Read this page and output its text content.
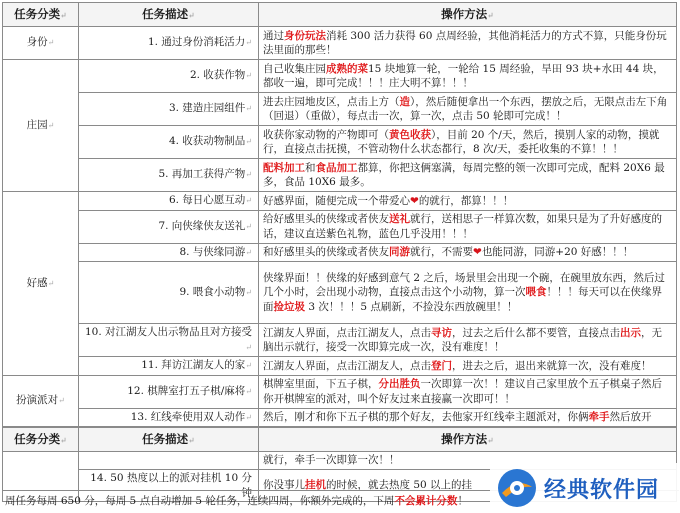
任务分类↵	任务描述↵	操作方法↵
身份↵	1. 通过身份消耗活力↵	通过身份玩法消耗 300 活力获得 60 点周经验，其他消耗活力的方式不算，只能身份玩法里面的那些！
庄园↵	2. 收获作物↵	自己收集庄园成熟的菜15 块地算一轮，一轮给 15 周经验，旱田 93 块+水田 44 块，都收一遍，即可完成！！！庄大明不算！！！
	3. 建造庄园组件↵	进去庄园地皮区，点击上方（造），然后随便拿出一个东西，摆放之后，无限点击左下角（回退）（重做），每点击一次，算一次，点击 50 轮即可完成！！
	4. 收获动物制品↵	收获你家动物的产物即可（黄色收获），目前 20 个/天，然后，摸别人家的动物，摸就行，直接点击抚摸，不管动物什么状态都行，8 次/天，委托收集的不算！！！
	5. 再加工获得产物↵	配料加工和食品加工都算，你把这俩塞满，每周完整的领一次即可完成，配料 20X6 最多，食品 10X6 最多。
好感↵	6. 每日心愿互动↵	好感界面，随便完成一个带爱心❤的就行，都算！！！
	7. 向侠缘侠友送礼↵	给好感里头的侠缘或者侠友送礼就行，送相思子一样算次数，如果只是为了升好感度的话，建议直送紫色礼物，蓝色几乎没用！！！
	8. 与侠缘同游↵	和好感里头的侠缘或者侠友同游就行，不需要❤也能同游，同游+20 好感！！！
	9. 喂食小动物↵	侠缘界面！！侠缘的好感到意气 2 之后，场景里会出现一个碗，在碗里放东西，然后过几个小时，会出现小动物，直接点击这个小动物，算一次喂食！！！每天可以在侠缘界面捡垃圾 3 次！！！5 点刷新，不捡没东西放碗里！！
	10. 对江湖友人出示物品且对方接受↵	江湖友人界面，点击江湖友人，点击寻访，过去之后什么都不要管，直接点击出示，无脑出示就行，接受一次即算完成一次，没有难度！！
	11. 拜访江湖友人的家↵	江湖友人界面，点击江湖友人，点击登门，进去之后，退出来就算一次，没有难度！
扮演派对↵	12. 棋牌室打五子棋/麻将↵	棋牌室里面，下五子棋，分出胜负一次即算一次！！建议自己家里放个五子棋桌子然后你开棋牌室的派对，叫个好友过来直接赢一次即可！！
	13. 红线牵使用双人动作↵	然后，刚才和你下五子棋的那个好友，去他家开红线牵主题派对，你俩牵手然后放开
任务分类↵	任务描述↵	操作方法↵
		就行，牵手一次即算一次！！
	14. 50 热度以上的派对挂机 10 分钟	你没事儿挂机的时候，就去热度 50 以上的挂
周任务每周 650 分，每周 5 点自动增加 5 轮任务，连续四周，你额外完成的，下周不会累计分数！	经典软件园
